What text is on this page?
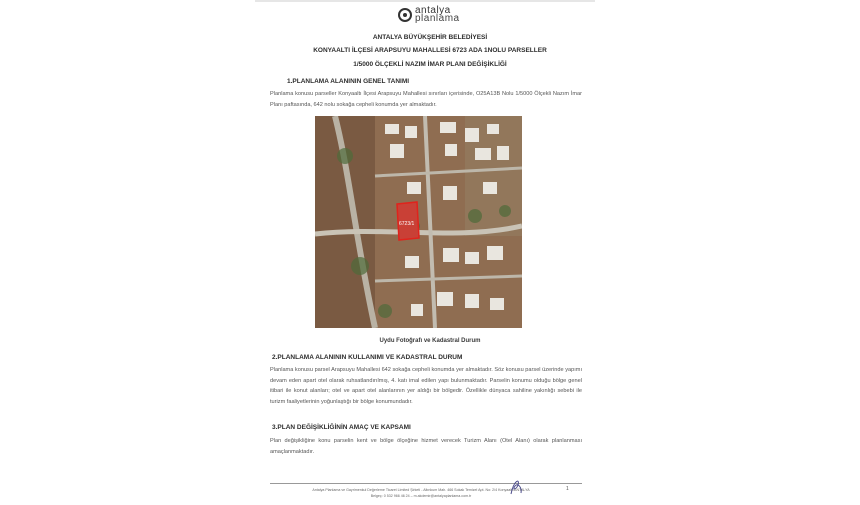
antalya
planlama
ANTALYA BÜYÜKŞEHİR BELEDİYESİ
KONYAALTI İLÇESİ ARAPSUYU MAHALLESİ 6723 ADA 1NOLU PARSELLER
1/5000 ÖLÇEKLİ NAZIM İMAR PLANI DEĞİŞİKLİĞİ
1.PLANLAMA ALANININ GENEL TANIMI
Planlama konusu parseller Konyaaltı İlçesi Arapsuyu Mahallesi sınırları içerisinde, O25A13B Nolu 1/5000 Ölçekli Nazım İmar Planı paftasında, 642 nolu sokağa cepheli konumda yer almaktadır.
6723/1
Uydu Fotoğrafı ve Kadastral Durum
2.PLANLAMA ALANININ KULLANIMI VE KADASTRAL DURUM
Planlama konusu parsel Arapsuyu Mahallesi 642 sokağa cepheli konumda yer almaktadır. Söz konusu parsel üzerinde yapımı devam eden apart otel olarak ruhsatlandırılmış, 4. katı imal edilen yapı bulunmaktadır. Parselin konumu olduğu bölge genel itibari ile konut alanları; otel ve apart otel alanlarının yer aldığı bir bölgedir. Özellikle dünyaca sahiline yakınlığı sebebi ile turizm faaliyetlerinin yoğunlaştığı bir bölge konumundadır.
3.PLAN DEĞİŞİKLİĞİNİN AMAÇ VE KAPSAMI
Plan değişikliğine konu parselin kent ve bölge ölçeğine hizmet verecek Turizm Alanı (Otel Alanı) olarak planlanması amaçlanmaktadır.
Antalya Planlama ve Gayrimenkul Değerleme Ticaret Limited Şirketi - Altınkum Mah. 466 Sokak Temizel Apt. No: 2/4 Konyaaltı/ANTALYA
Belgeç: 0 532 966 46 24 – m.akdemir@antalyaplanlama.com.tr
1
